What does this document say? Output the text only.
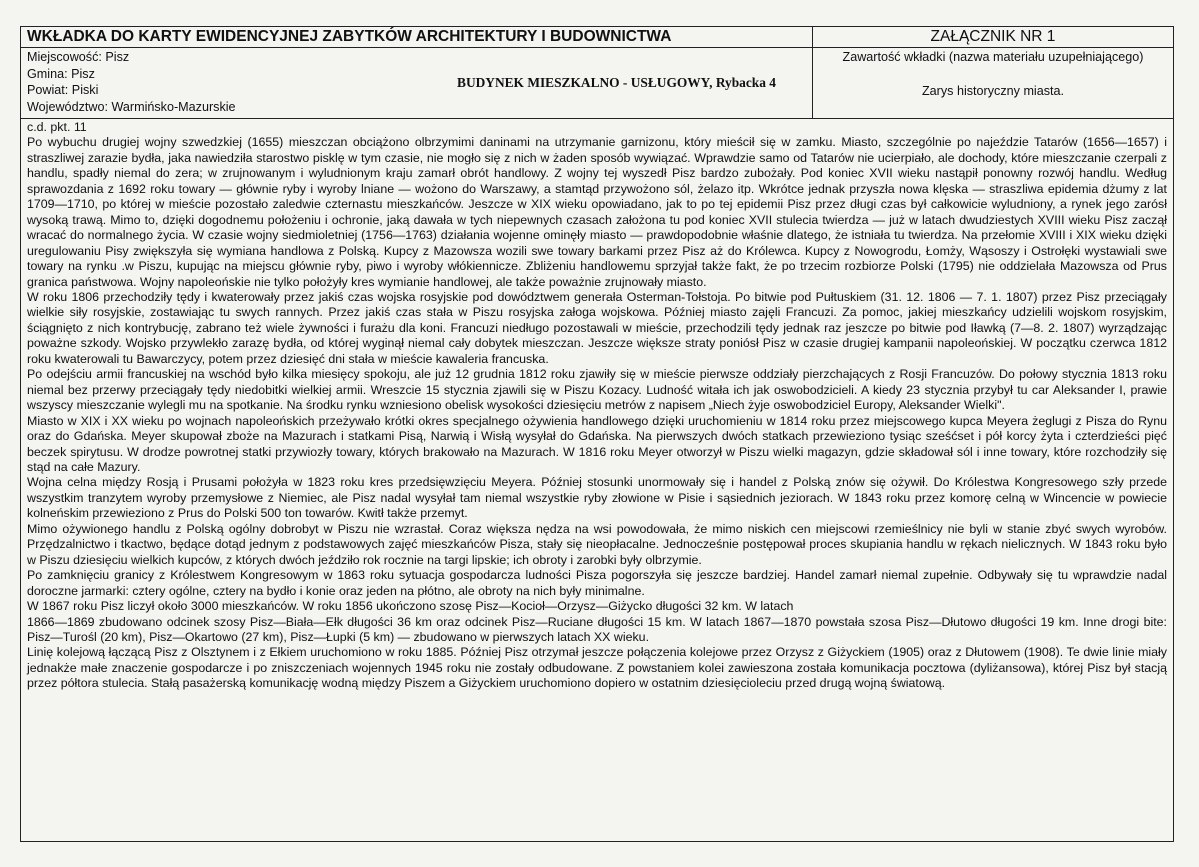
WKŁADKA DO KARTY EWIDENCYJNEJ ZABYTKÓW ARCHITEKTURY I BUDOWNICTWA	ZAŁĄCZNIK NR 1
Miejscowość: Pisz
Gmina: Pisz
Powiat: Piski
Województwo: Warmińsko-Mazurskie
BUDYNEK MIESZKALNO - USŁUGOWY, Rybacka 4
Zawartość wkładki (nazwa materiału uzupełniającego)
Zarys historyczny miasta.

c.d. pkt. 11

Po wybuchu drugiej wojny szwedzkiej (1655) mieszczan obciążono olbrzymimi daninami na utrzymanie garnizonu, który mieścił się w zamku. Miasto, szczególnie po najeździe Tatarów (1656—1657) i straszliwej zarazie bydła, jaka nawiedziła starostwo pisklę w tym czasie, nie mogło się z nich w żaden sposób wywiązać. Wprawdzie samo od Tatarów nie ucierpiało, ale dochody, które mieszczanie czerpali z handlu, spadły niemal do zera; w zrujnowanym i wyludnionym kraju zamarł obrót handlowy. Z wojny tej wyszedł Pisz bardzo zubożały. Pod koniec XVII wieku nastąpił ponowny rozwój handlu. Według sprawozdania z 1692 roku towary — głównie ryby i wyroby lniane — wożono do Warszawy, a stamtąd przywożono sól, żelazo itp. Wkrótce jednak przyszła nowa klęska — straszliwa epidemia dżumy z lat 1709—1710, po której w mieście pozostało zaledwie czternastu mieszkańców. Jeszcze w XIX wieku opowiadano, jak to po tej epidemii Pisz przez długi czas był całkowicie wyludniony, a rynek jego zarósł wysoką trawą. Mimo to, dzięki dogodnemu położeniu i ochronie, jaką dawała w tych niepewnych czasach założona tu pod koniec XVII stulecia twierdza — już w latach dwudziestych XVIII wieku Pisz zaczął wracać do normalnego życia. W czasie wojny siedmioletniej (1756—1763) działania wojenne ominęły miasto — prawdopodobnie właśnie dlatego, że istniała tu twierdza. Na przełomie XVIII i XIX wieku dzięki uregulowaniu Pisy zwiększyła się wymiana handlowa z Polską. Kupcy z Mazowsza wozili swe towary barkami przez Pisz aż do Królewca. Kupcy z Nowogrodu, Łomży, Wąsoszy i Ostrołęki wystawiali swe towary na rynku .w Piszu, kupując na miejscu głównie ryby, piwo i wyroby włókiennicze. Zbliżeniu handlowemu sprzyjał także fakt, że po trzecim rozbiorze Polski (1795) nie oddzielała Mazowsza od Prus granica państwowa. Wojny napoleońskie nie tylko położyły kres wymianie handlowej, ale także poważnie zrujnowały miasto.

W roku 1806 przechodziły tędy i kwaterowały przez jakiś czas wojska rosyjskie pod dowództwem generała Osterman-Tołstoja. Po bitwie pod Pułtuskiem (31. 12. 1806 — 7. 1. 1807) przez Pisz przeciągały wielkie siły rosyjskie, zostawiając tu swych rannych. Przez jakiś czas stała w Piszu rosyjska załoga wojskowa. Później miasto zajęli Francuzi. Za pomoc, jakiej mieszkańcy udzielili wojskom rosyjskim, ściągnięto z nich kontrybucję, zabrano też wiele żywności i furażu dla koni. Francuzi niedługo pozostawali w mieście, przechodzili tędy jednak raz jeszcze po bitwie pod Iławką (7—8. 2. 1807) wyrządzając poważne szkody. Wojsko przywlekło zarazę bydła, od której wyginął niemal cały dobytek mieszczan. Jeszcze większe straty poniósł Pisz w czasie drugiej kampanii napoleońskiej. W początku czerwca 1812 roku kwaterowali tu Bawarczycy, potem przez dziesięć dni stała w mieście kawaleria francuska.

Po odejściu armii francuskiej na wschód było kilka miesięcy spokoju, ale już 12 grudnia 1812 roku zjawiły się w mieście pierwsze oddziały pierzchających z Rosji Francuzów. Do połowy stycznia 1813 roku niemal bez przerwy przeciągały tędy niedobitki wielkiej armii. Wreszcie 15 stycznia zjawili się w Piszu Kozacy. Ludność witała ich jak oswobodzicieli. A kiedy 23 stycznia przybył tu car Aleksander I, prawie wszyscy mieszczanie wylegli mu na spotkanie. Na środku rynku wzniesiono obelisk wysokości dziesięciu metrów z napisem „Niech żyje oswobodziciel Europy, Aleksander Wielki".

Miasto w XIX i XX wieku po wojnach napoleońskich przeżywało krótki okres specjalnego ożywienia handlowego dzięki uruchomieniu w 1814 roku przez miejscowego kupca Meyera żeglugi z Pisza do Rynu oraz do Gdańska. Meyer skupował zboże na Mazurach i statkami Pisą, Narwią i Wisłą wysyłał do Gdańska. Na pierwszych dwóch statkach przewieziono tysiąc sześćset i pół korcy żyta i czterdzieści pięć beczek spirytusu. W drodze powrotnej statki przywiozły towary, których brakowało na Mazurach. W 1816 roku Meyer otworzył w Piszu wielki magazyn, gdzie składował sól i inne towary, które rozchodziły się stąd na całe Mazury.

Wojna celna między Rosją i Prusami położyła w 1823 roku kres przedsięwzięciu Meyera. Później stosunki unormowały się i handel z Polską znów się ożywił. Do Królestwa Kongresowego szły przede wszystkim tranzytem wyroby przemysłowe z Niemiec, ale Pisz nadal wysyłał tam niemal wszystkie ryby złowione w Pisie i sąsiednich jeziorach. W 1843 roku przez komorę celną w Wincencie w powiecie kolneńskim przewieziono z Prus do Polski 500 ton towarów. Kwitł także przemyt.

Mimo ożywionego handlu z Polską ogólny dobrobyt w Piszu nie wzrastał. Coraz większa nędza na wsi powodowała, że mimo niskich cen miejscowi rzemieślnicy nie byli w stanie zbyć swych wyrobów. Przędzalnictwo i tkactwo, będące dotąd jednym z podstawowych zajęć mieszkańców Pisza, stały się nieopłacalne. Jednocześnie postępował proces skupiania handlu w rękach nielicznych. W 1843 roku było w Piszu dziesięciu wielkich kupców, z których dwóch jeździło rok rocznie na targi lipskie; ich obroty i zarobki były olbrzymie.

Po zamknięciu granicy z Królestwem Kongresowym w 1863 roku sytuacja gospodarcza ludności Pisza pogorszyła się jeszcze bardziej. Handel zamarł niemal zupełnie. Odbywały się tu wprawdzie nadal doroczne jarmarki: cztery ogólne, cztery na bydło i konie oraz jeden na płótno, ale obroty na nich były minimalne.

W 1867 roku Pisz liczył około 3000 mieszkańców. W roku 1856 ukończono szosę Pisz—Kocioł—Orzysz—Giżycko długości 32 km. W latach

1866—1869 zbudowano odcinek szosy Pisz—Biała—Ełk długości 36 km oraz odcinek Pisz—Ruciane długości 15 km. W latach 1867—1870 powstała szosa Pisz—Dłutowo długości 19 km. Inne drogi bite: Pisz—Turośl (20 km), Pisz—Okartowo (27 km), Pisz—Łupki (5 km) — zbudowano w pierwszych latach XX wieku.

Linię kolejową łączącą Pisz z Olsztynem i z Ełkiem uruchomiono w roku 1885. Później Pisz otrzymał jeszcze połączenia kolejowe przez Orzysz z Giżyckiem (1905) oraz z Dłutowem (1908). Te dwie linie miały jednakże małe znaczenie gospodarcze i po zniszczeniach wojennych 1945 roku nie zostały odbudowane. Z powstaniem kolei zawieszona została komunikacja pocztowa (dyliżansowa), której Pisz był stacją przez półtora stulecia. Stałą pasażerską komunikację wodną między Piszem a Giżyckiem uruchomiono dopiero w ostatnim dziesięcioleciu przed drugą wojną światową.
